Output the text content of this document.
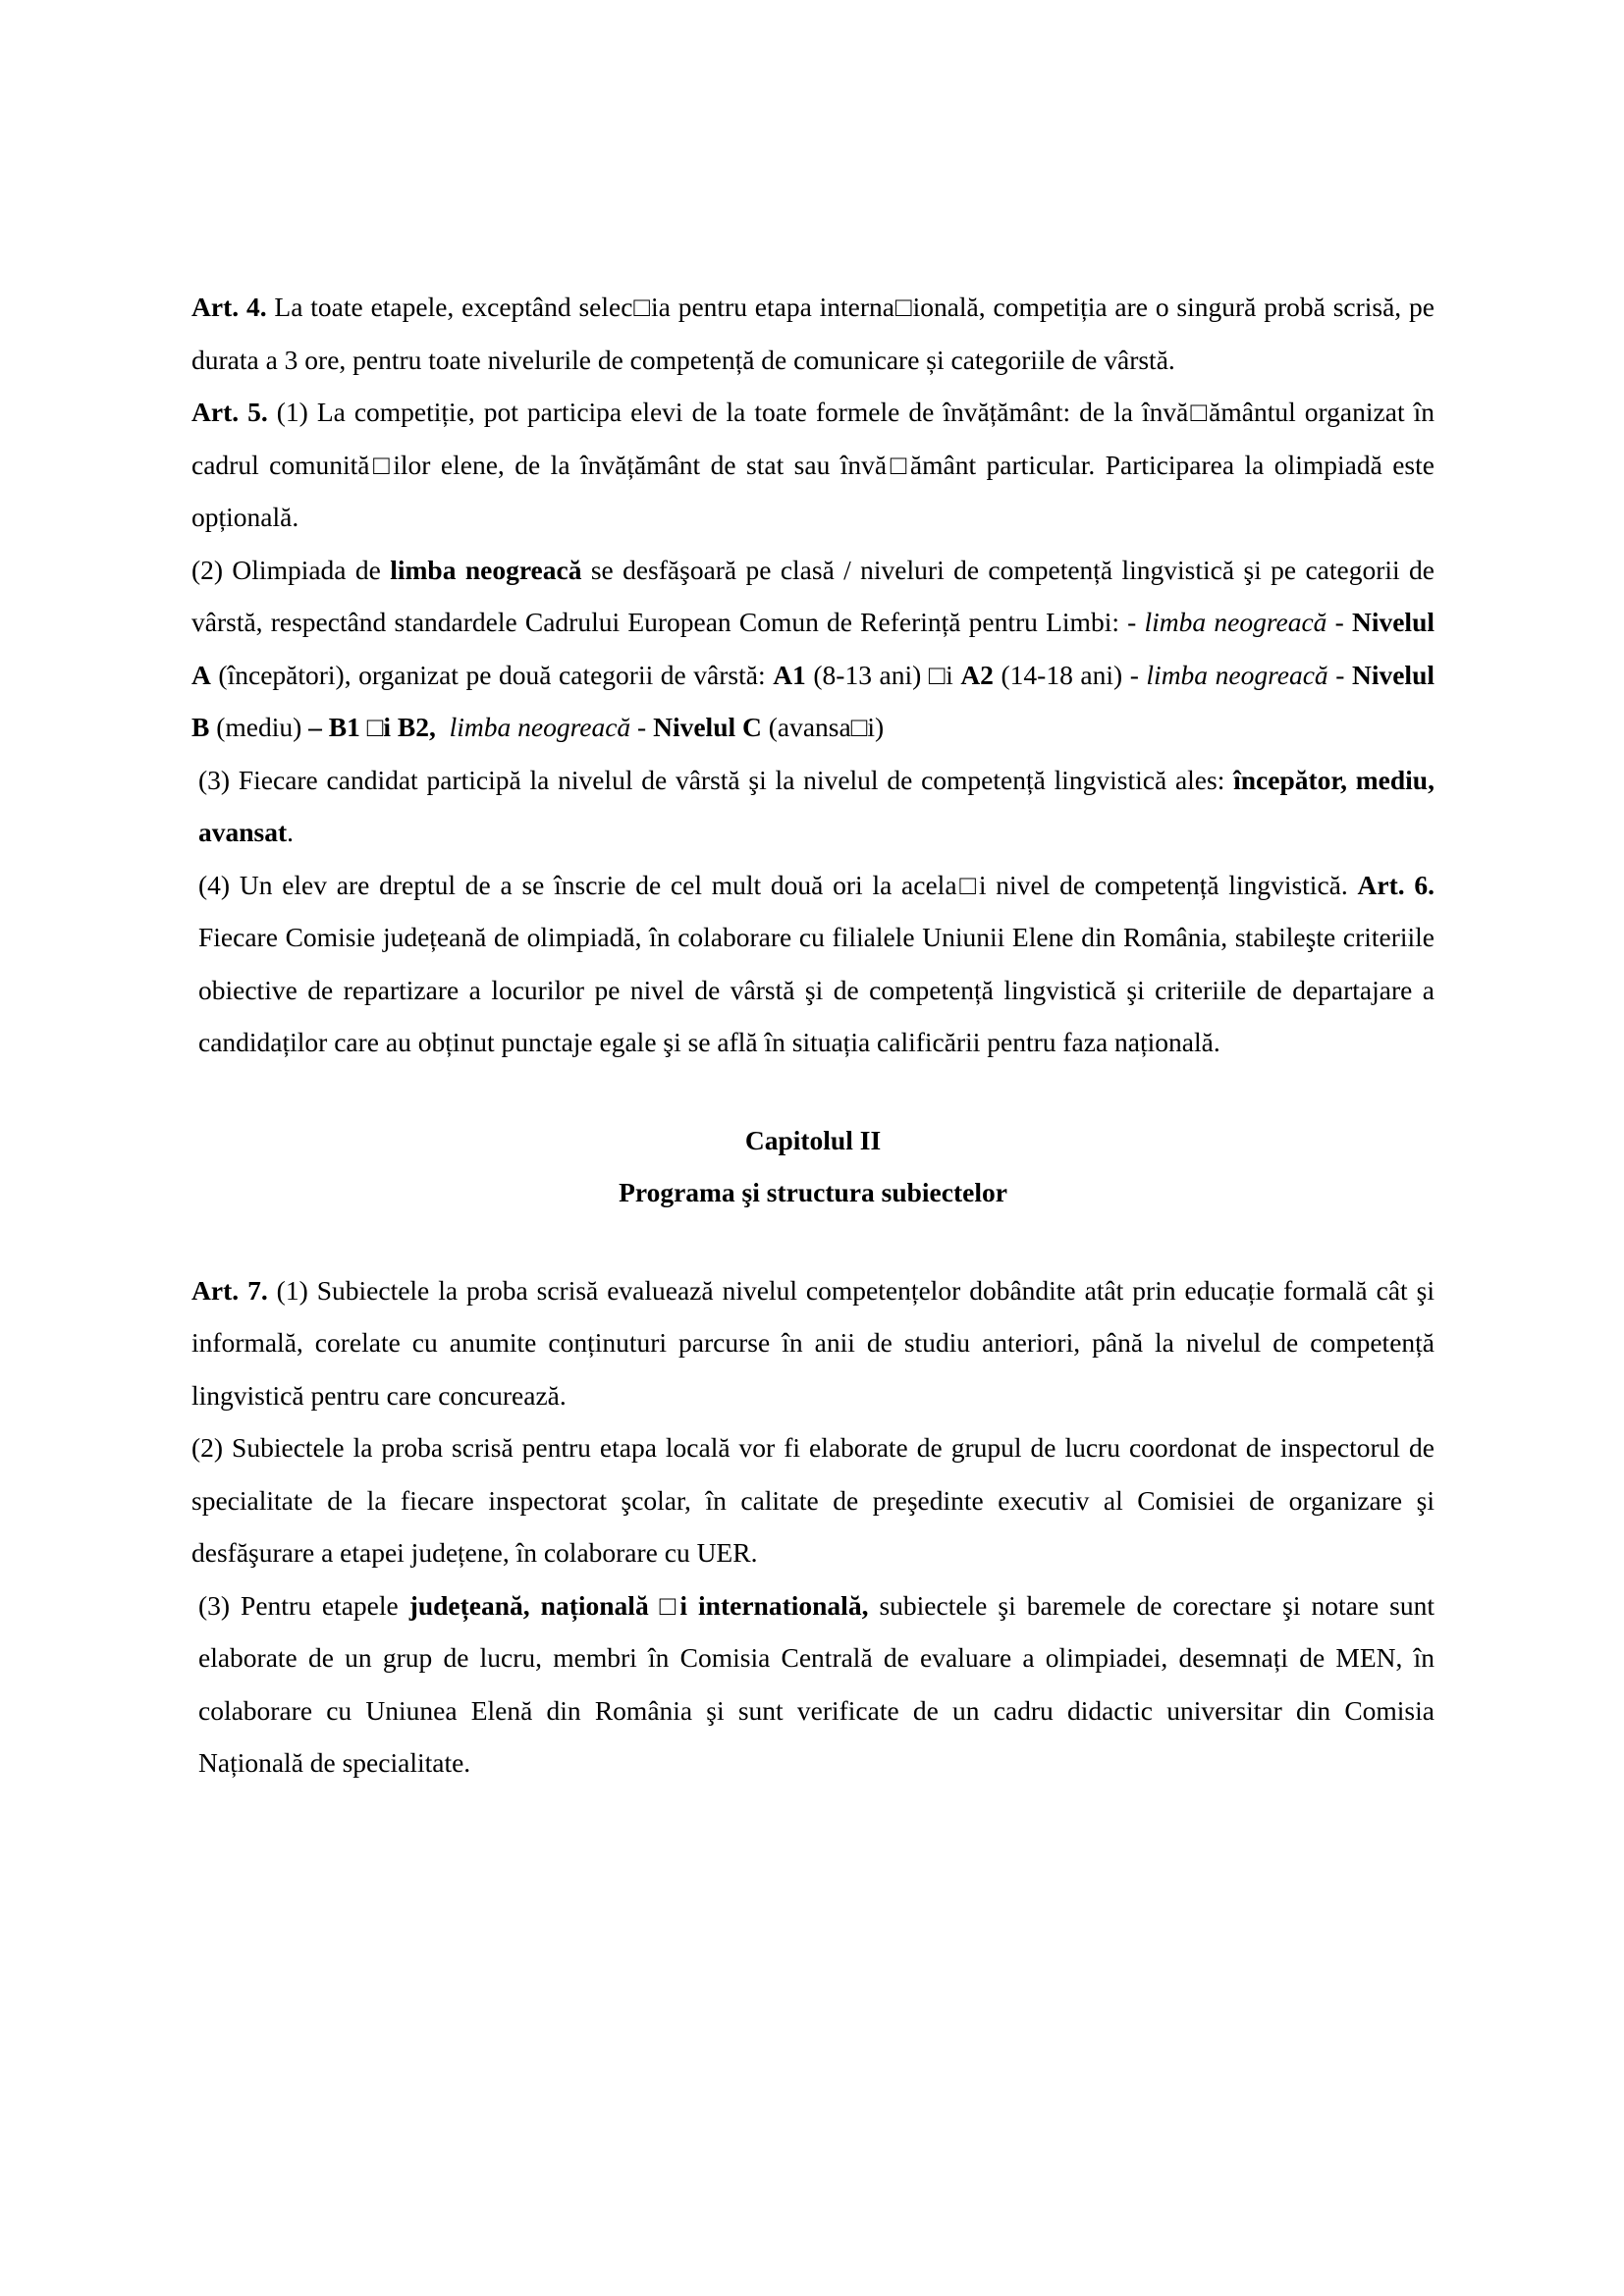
Art. 4. La toate etapele, exceptând selec□ia pentru etapa interna□ională, competiția are o singură probă scrisă, pe durata a 3 ore, pentru toate nivelurile de competență de comunicare și categoriile de vârstă.

Art. 5. (1) La competiție, pot participa elevi de la toate formele de învățământ: de la învă□ământul organizat în cadrul comunită□ilor elene, de la învățământ de stat sau învă□ământ particular. Participarea la olimpiadă este opțională.

(2) Olimpiada de limba neogreacă se desfăşoară pe clasă / niveluri de competență lingvistică şi pe categorii de vârstă, respectând standardele Cadrului European Comun de Referință pentru Limbi: - limba neogreacă - Nivelul A (începători), organizat pe două categorii de vârstă: A1 (8-13 ani) □i A2 (14-18 ani) - limba neogreacă - Nivelul B (mediu) – B1 □i B2, limba neogreacă - Nivelul C (avansa□i)

(3) Fiecare candidat participă la nivelul de vârstă şi la nivelul de competență lingvistică ales: începător, mediu, avansat.

(4) Un elev are dreptul de a se înscrie de cel mult două ori la acela□i nivel de competență lingvistică. Art. 6. Fiecare Comisie județeană de olimpiadă, în colaborare cu filialele Uniunii Elene din România, stabileşte criteriile obiective de repartizare a locurilor pe nivel de vârstă şi de competență lingvistică şi criteriile de departajare a candidaților care au obținut punctaje egale şi se află în situația calificării pentru faza națională.

Capitolul II

Programa şi structura subiectelor

Art. 7. (1) Subiectele la proba scrisă evaluează nivelul competențelor dobândite atât prin educație formală cât şi informală, corelate cu anumite conținuturi parcurse în anii de studiu anteriori, până la nivelul de competență lingvistică pentru care concurează.

(2) Subiectele la proba scrisă pentru etapa locală vor fi elaborate de grupul de lucru coordonat de inspectorul de specialitate de la fiecare inspectorat şcolar, în calitate de preşedinte executiv al Comisiei de organizare şi desfăşurare a etapei județene, în colaborare cu UER.

(3) Pentru etapele județeană, națională □i internatională, subiectele şi baremele de corectare şi notare sunt elaborate de un grup de lucru, membri în Comisia Centrală de evaluare a olimpiadei, desemnați de MEN, în colaborare cu Uniunea Elenă din România şi sunt verificate de un cadru didactic universitar din Comisia Națională de specialitate.
